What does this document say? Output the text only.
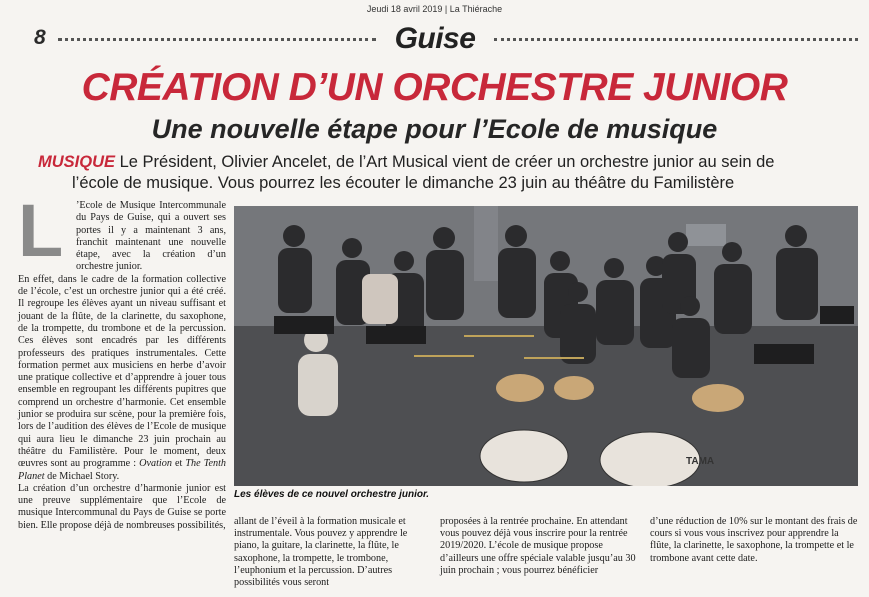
Jeudi 18 avril 2019 | La Thiérache
8	Guise
CRÉATION D’UN ORCHESTRE JUNIOR
Une nouvelle étape pour l’Ecole de musique
MUSIQUE Le Président, Olivier Ancelet, de l’Art Musical vient de créer un orchestre junior au sein de
l’école de musique. Vous pourrez les écouter le dimanche 23 juin au théâtre du Familistère
L	’Ecole de Musique Intercommunale du Pays de Guise, qui a ouvert ses portes il y a maintenant 3 ans, franchit maintenant une nouvelle étape, avec la création d’un orchestre junior.

En effet, dans le cadre de la formation collective de l’école, c’est un orchestre junior qui a été créé. Il regroupe les élèves ayant un niveau suffisant et jouant de la flûte, de la clarinette, du saxophone, de la trompette, du trombone et de la percussion. Ces élèves sont encadrés par les différents professeurs des pratiques instrumentales. Cette formation permet aux musiciens en herbe d’avoir une pratique collective et d’apprendre à jouer tous ensemble en regroupant les différents pupitres que comprend un orchestre d’harmonie. Cet ensemble junior se produira sur scène, pour la première fois, lors de l’audition des élèves de l’Ecole de musique qui aura lieu le dimanche 23 juin prochain au théâtre du Familistère. Pour le moment, deux œuvres sont au programme : Ovation et The Tenth Planet de Michael Story.

La création d’un orchestre d’harmonie junior est une preuve supplémentaire que l’Ecole de musique Intercommunal du Pays de Guise se porte bien. Elle propose déjà de nombreuses possibilités,

TAMA
Les élèves de ce nouvel orchestre junior.

allant de l’éveil à la formation musicale et instrumentale. Vous pouvez y apprendre le piano, la guitare, la clarinette, la flûte, le saxophone, la trompette, le trombone, l’euphonium et la percussion. D’autres possibilités vous seront

proposées à la rentrée prochaine. En attendant vous pouvez déjà vous inscrire pour la rentrée 2019/2020. L’école de musique propose d’ailleurs une offre spéciale valable jusqu’au 30 juin prochain ; vous pourrez bénéficier

d’une réduction de 10% sur le montant des frais de cours si vous vous inscrivez pour apprendre la flûte, la clarinette, le saxophone, la trompette et le trombone avant cette date.
